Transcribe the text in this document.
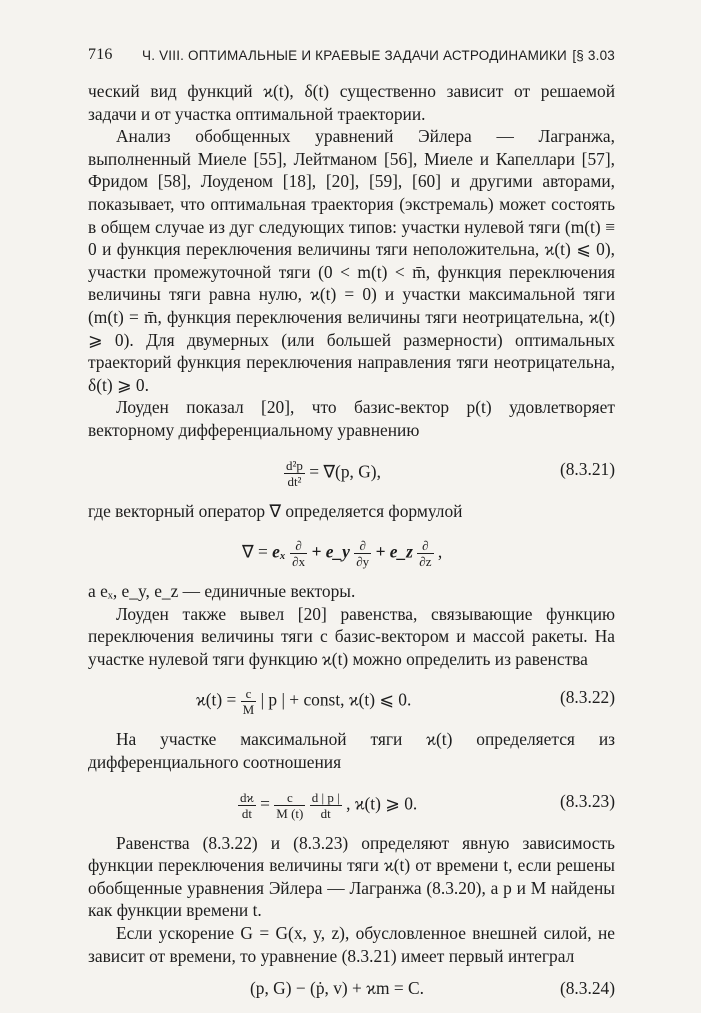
716 Ч. VIII. ОПТИМАЛЬНЫЕ И КРАЕВЫЕ ЗАДАЧИ АСТРОДИНАМИКИ [§ 3.03

ческий вид функций ϰ(t), δ(t) существенно зависит от решаемой задачи и от участка оптимальной траектории.

Анализ обобщенных уравнений Эйлера — Лагранжа, выполненный Миеле [55], Лейтманом [56], Миеле и Капеллари [57], Фридом [58], Лоуденом [18], [20], [59], [60] и другими авторами, показывает, что оптимальная траектория (экстремаль) может состоять в общем случае из дуг следующих типов: участки нулевой тяги (m(t) ≡ 0 и функция переключения величины тяги неположительна, ϰ(t) ⩽ 0), участки промежуточной тяги (0 < m(t) < m̄, функция переключения величины тяги равна нулю, ϰ(t) = 0) и участки максимальной тяги (m(t) = m̄, функция переключения величины тяги неотрицательна, ϰ(t) ⩾ 0). Для двумерных (или большей размерности) оптимальных траекторий функция переключения направления тяги неотрицательна, δ(t) ⩾ 0.

Лоуден показал [20], что базис-вектор p(t) удовлетворяет векторному дифференциальному уравнению

$\frac{\text{d²p}}{\text{dt²}} = \nabla(p$, G),	(8.3.21)

где векторный оператор ∇ определяется формулой

∇ = eₓ $\frac{\partial}{\partial x}$ + e_y $\frac{\partial}{\partial y}$ + e_z $\frac{\partial}{\partial z}$ ,

а eₓ, e_y, e_z — единичные векторы.

Лоуден также вывел [20] равенства, связывающие функцию переключения величины тяги с базис-вектором и массой ракеты. На участке нулевой тяги функцию ϰ(t) можно определить из равенства

$ϰ(t) = \frac{c}{M}$ | p | + const, ϰ(t) ⩽ 0.	(8.3.22)

На участке максимальной тяги ϰ(t) определяется из дифференциального соотношения

$\frac{dϰ}{dt} = \frac{c}{M (t)}$
$\frac{d | p |}{dt}$ , ϰ(t) ⩾ 0.	(8.3.23)

Равенства (8.3.22) и (8.3.23) определяют явную зависимость функции переключения величины тяги ϰ(t) от времени t, если решены обобщенные уравнения Эйлера — Лагранжа (8.3.20), а p и M найдены как функции времени t.

Если ускорение G = G(x, y, z), обусловленное внешней силой, не зависит от времени, то уравнение (8.3.21) имеет первый интеграл

(p, G) − (ṗ, v) + ϰm = C.	(8.3.24)
